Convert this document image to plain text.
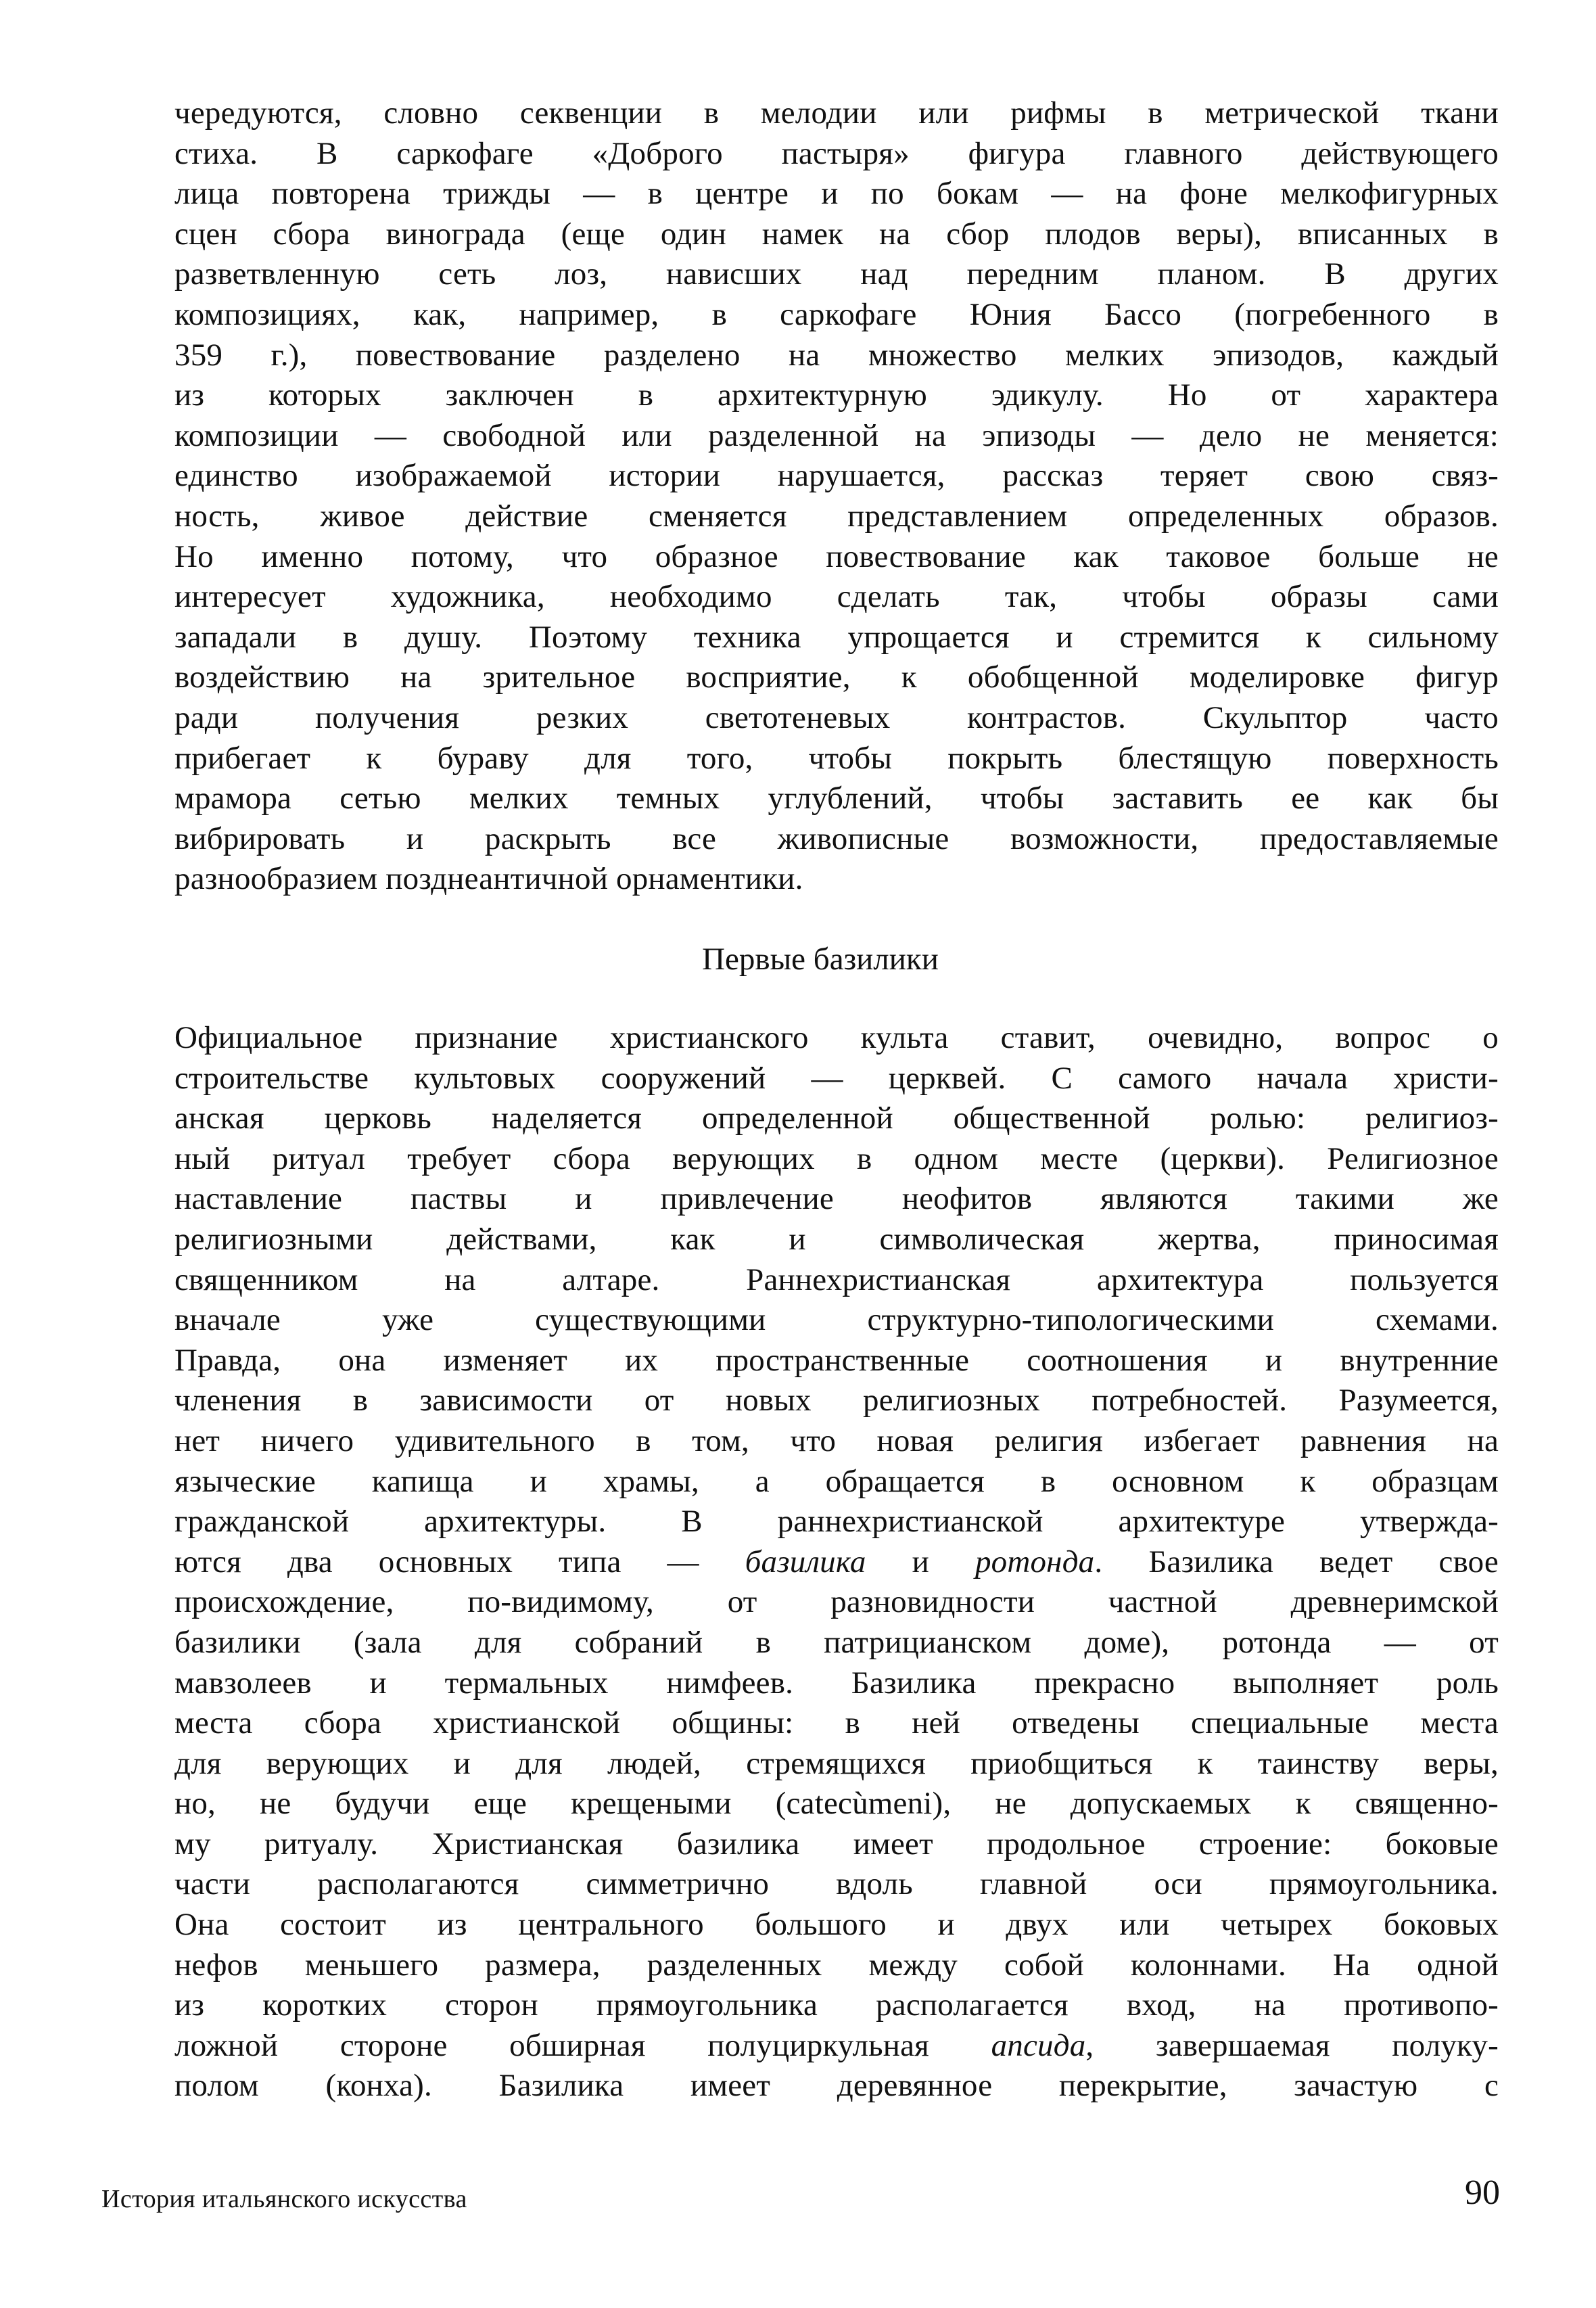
чередуются, словно секвенции в мелодии или рифмы в метрической ткани
стиха. В саркофаге «Доброго пастыря» фигура главного действующего
лица повторена трижды — в центре и по бокам — на фоне мелкофигурных
сцен сбора винограда (еще один намек на сбор плодов веры), вписанных в
разветвленную сеть лоз, нависших над передним планом. В других
композициях, как, например, в саркофаге Юния Бассо (погребенного в
359 г.), повествование разделено на множество мелких эпизодов, каждый
из которых заключен в архитектурную эдикулу. Но от характера
композиции — свободной или разделенной на эпизоды — дело не меняется:
единство изображаемой истории нарушается, рассказ теряет свою связ-
ность, живое действие сменяется представлением определенных образов.
Но именно потому, что образное повествование как таковое больше не
интересует художника, необходимо сделать так, чтобы образы сами
западали в душу. Поэтому техника упрощается и стремится к сильному
воздействию на зрительное восприятие, к обобщенной моделировке фигур
ради получения резких светотеневых контрастов. Скульптор часто
прибегает к бураву для того, чтобы покрыть блестящую поверхность
мрамора сетью мелких темных углублений, чтобы заставить ее как бы
вибрировать и раскрыть все живописные возможности, предоставляемые
разнообразием позднеантичной орнаментики.
Первые базилики
Официальное признание христианского культа ставит, очевидно, вопрос о
строительстве культовых сооружений — церквей. С самого начала христи-
анская церковь наделяется определенной общественной ролью: религиоз-
ный ритуал требует сбора верующих в одном месте (церкви). Религиозное
наставление паствы и привлечение неофитов являются такими же
религиозными действами, как и символическая жертва, приносимая
священником на алтаре. Раннехристианская архитектура пользуется
вначале уже существующими структурно-типологическими схемами.
Правда, она изменяет их пространственные соотношения и внутренние
членения в зависимости от новых религиозных потребностей. Разумеется,
нет ничего удивительного в том, что новая религия избегает равнения на
языческие капища и храмы, а обращается в основном к образцам
гражданской архитектуры. В раннехристианской архитектуре утвержда-
ются два основных типа — базилика и ротонда. Базилика ведет свое
происхождение, по-видимому, от разновидности частной древнеримской
базилики (зала для собраний в патрицианском доме), ротонда — от
мавзолеев и термальных нимфеев. Базилика прекрасно выполняет роль
места сбора христианской общины: в ней отведены специальные места
для верующих и для людей, стремящихся приобщиться к таинству веры,
но, не будучи еще крещеными (catecùmeni), не допускаемых к священно-
му ритуалу. Христианская базилика имеет продольное строение: боковые
части располагаются симметрично вдоль главной оси прямоугольника.
Она состоит из центрального большого и двух или четырех боковых
нефов меньшего размера, разделенных между собой колоннами. На одной
из коротких сторон прямоугольника располагается вход, на противопо-
ложной стороне обширная полуциркульная апсида, завершаемая полуку-
полом (конха). Базилика имеет деревянное перекрытие, зачастую с
История итальянского искусства	90
